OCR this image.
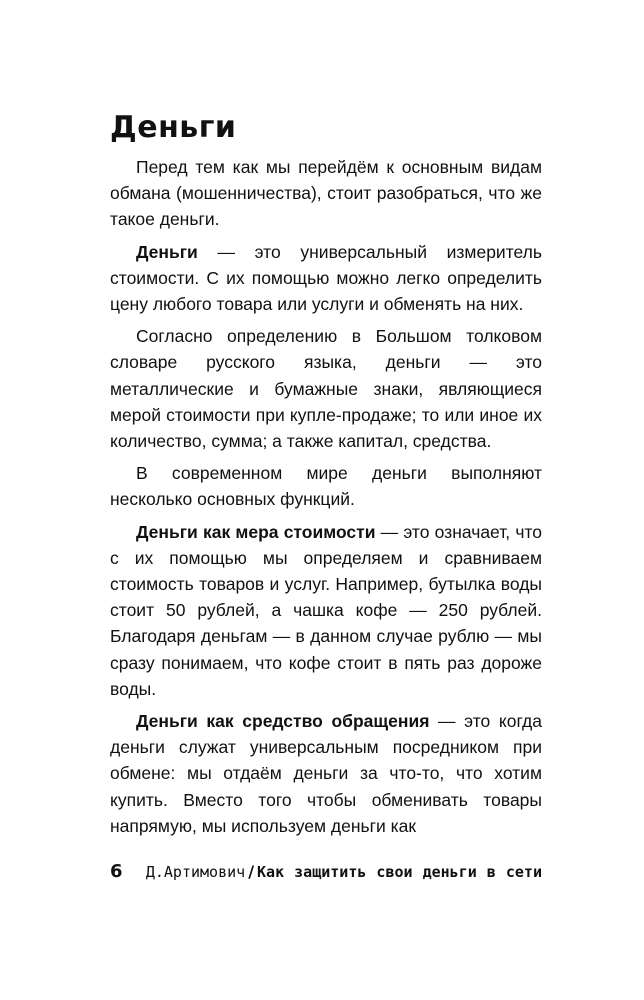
Деньги

Перед тем как мы перейдём к основным видам обмана (мошенничества), стоит разобраться, что же такое деньги.

Деньги — это универсальный измеритель стоимости. С их помощью можно легко определить цену любого товара или услуги и обменять на них.

Согласно определению в Большом толковом словаре русского языка, деньги — это металлические и бумажные знаки, являющиеся мерой стоимости при купле-продаже; то или иное их количество, сумма; а также капитал, средства.

В современном мире деньги выполняют несколько основных функций.

Деньги как мера стоимости — это означает, что с их помощью мы определяем и сравниваем стоимость товаров и услуг. Например, бутылка воды стоит 50 рублей, а чашка кофе — 250 рублей. Благодаря деньгам — в данном случае рублю — мы сразу понимаем, что кофе стоит в пять раз дороже воды.

Деньги как средство обращения — это когда деньги служат универсальным посредником при обмене: мы отдаём деньги за что-то, что хотим купить. Вместо того чтобы обменивать товары напрямую, мы используем деньги как

6 Д.Артимович / Как защитить свои деньги в сети
